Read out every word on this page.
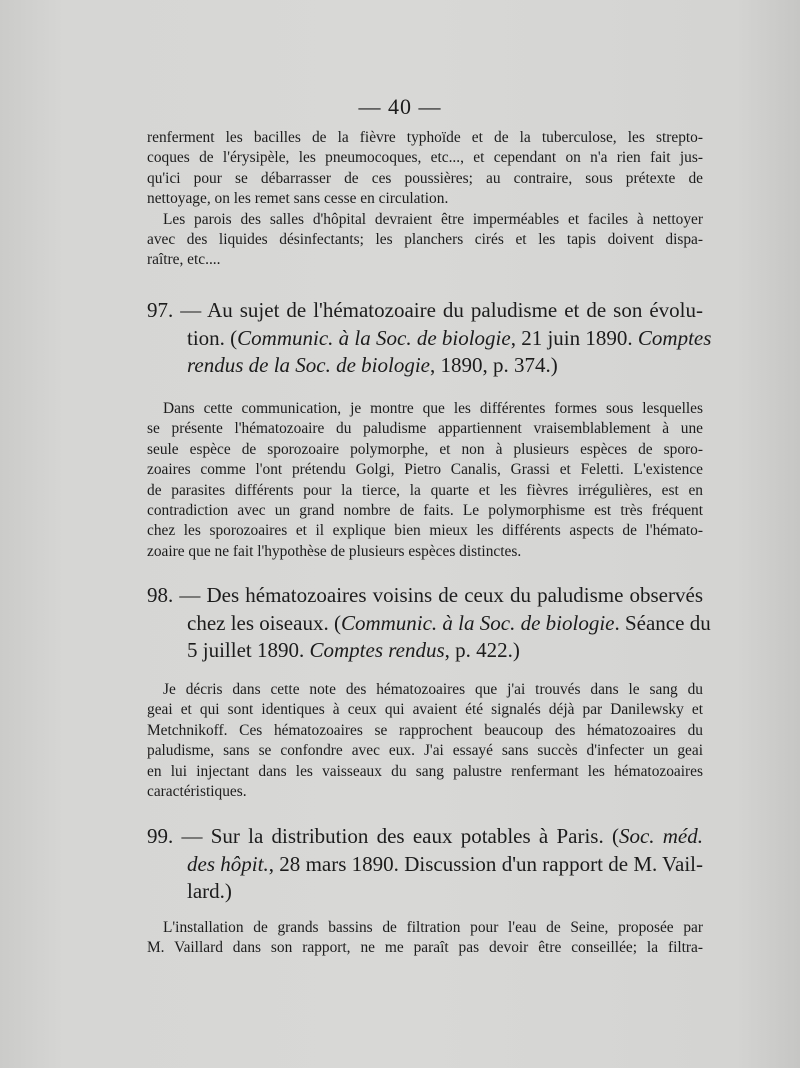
— 40 —
renferment les bacilles de la fièvre typhoïde et de la tuberculose, les strepto-
coques de l'érysipèle, les pneumocoques, etc..., et cependant on n'a rien fait jus-
qu'ici pour se débarrasser de ces poussières; au contraire, sous prétexte de
nettoyage, on les remet sans cesse en circulation.
Les parois des salles d'hôpital devraient être imperméables et faciles à nettoyer
avec des liquides désinfectants; les planchers cirés et les tapis doivent dispa-
raître, etc....
97. — Au sujet de l'hématozoaire du paludisme et de son évolu-
tion. (Communic. à la Soc. de biologie, 21 juin 1890. Comptes
rendus de la Soc. de biologie, 1890, p. 374.)
Dans cette communication, je montre que les différentes formes sous lesquelles
se présente l'hématozoaire du paludisme appartiennent vraisemblablement à une
seule espèce de sporozoaire polymorphe, et non à plusieurs espèces de sporo-
zoaires comme l'ont prétendu Golgi, Pietro Canalis, Grassi et Feletti. L'existence
de parasites différents pour la tierce, la quarte et les fièvres irrégulières, est en
contradiction avec un grand nombre de faits. Le polymorphisme est très fréquent
chez les sporozoaires et il explique bien mieux les différents aspects de l'hémato-
zoaire que ne fait l'hypothèse de plusieurs espèces distinctes.
98. — Des hématozoaires voisins de ceux du paludisme observés
chez les oiseaux. (Communic. à la Soc. de biologie. Séance du
5 juillet 1890. Comptes rendus, p. 422.)
Je décris dans cette note des hématozoaires que j'ai trouvés dans le sang du
geai et qui sont identiques à ceux qui avaient été signalés déjà par Danilewsky et
Metchnikoff. Ces hématozoaires se rapprochent beaucoup des hématozoaires du
paludisme, sans se confondre avec eux. J'ai essayé sans succès d'infecter un geai
en lui injectant dans les vaisseaux du sang palustre renfermant les hématozoaires
caractéristiques.
99. — Sur la distribution des eaux potables à Paris. (Soc. méd.
des hôpit., 28 mars 1890. Discussion d'un rapport de M. Vail-
lard.)
L'installation de grands bassins de filtration pour l'eau de Seine, proposée par
M. Vaillard dans son rapport, ne me paraît pas devoir être conseillée; la filtra-
